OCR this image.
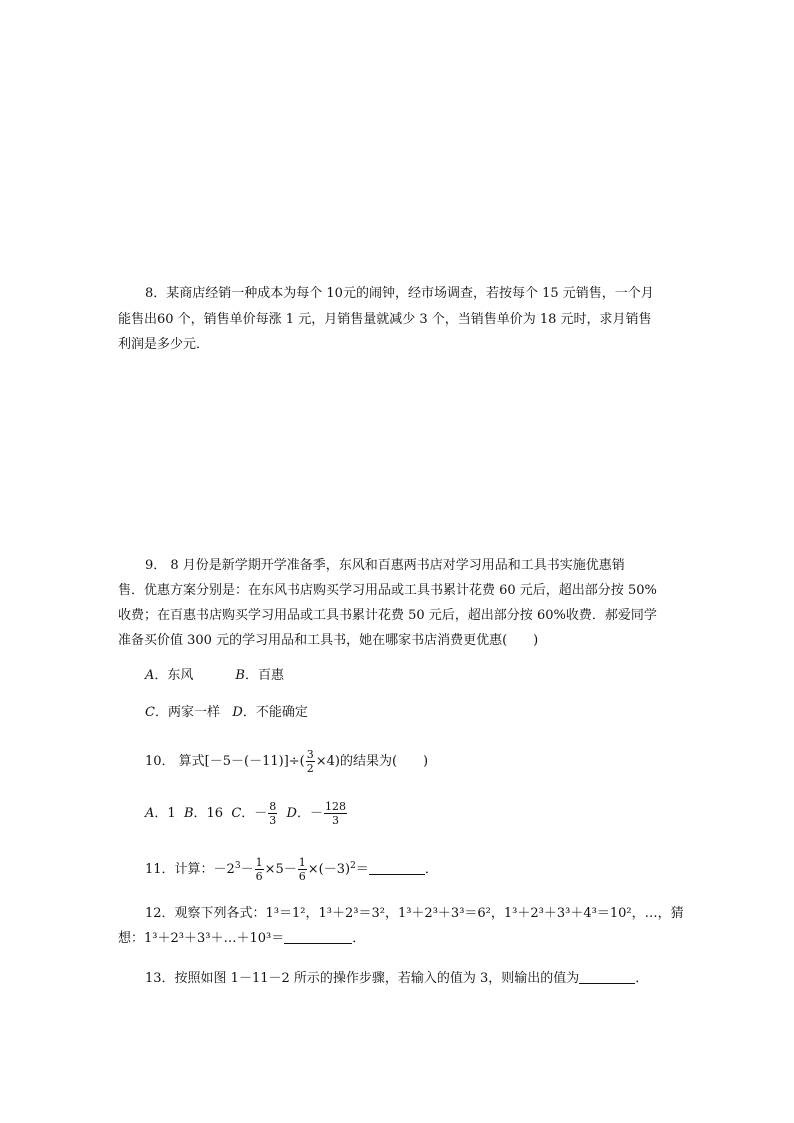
8．某商店经销一种成本为每个 10元的闹钟，经市场调查，若按每个 15 元销售，一个月
能售出60 个，销售单价每涨 1 元，月销售量就减少 3 个，当销售单价为 18 元时，求月销售
利润是多少元．
9． 8 月份是新学期开学准备季，东风和百惠两书店对学习用品和工具书实施优惠销
售．优惠方案分别是：在东风书店购买学习用品或工具书累计花费 60 元后，超出部分按 50%
收费；在百惠书店购买学习用品或工具书累计花费 50 元后，超出部分按 60%收费．郝爱同学
准备买价值 300 元的学习用品和工具书，她在哪家书店消费更优惠(　　)
A．东风	B．百惠
C．两家一样 D．不能确定
10． 算式$[-5-(-11)]\div( \frac{3}{2} \times 4)$的结果为(　　)
A．1 B．16 C．－ $\frac{8}{3}$ D．－ $\frac{128}{3}$
11．计算：$-2^3- \frac{1}{6} \times 5- \frac{1}{6} \times(-3)^2=$	．
12．观察下列各式：1³＝1²，1³＋2³＝3²，1³＋2³＋3³＝6²，1³＋2³＋3³＋4³＝10²，…，猜
想：1³＋2³＋3³＋…＋10³＝	．
13．按照如图 1－11－2 所示的操作步骤，若输入的值为 3，则输出的值为	．
